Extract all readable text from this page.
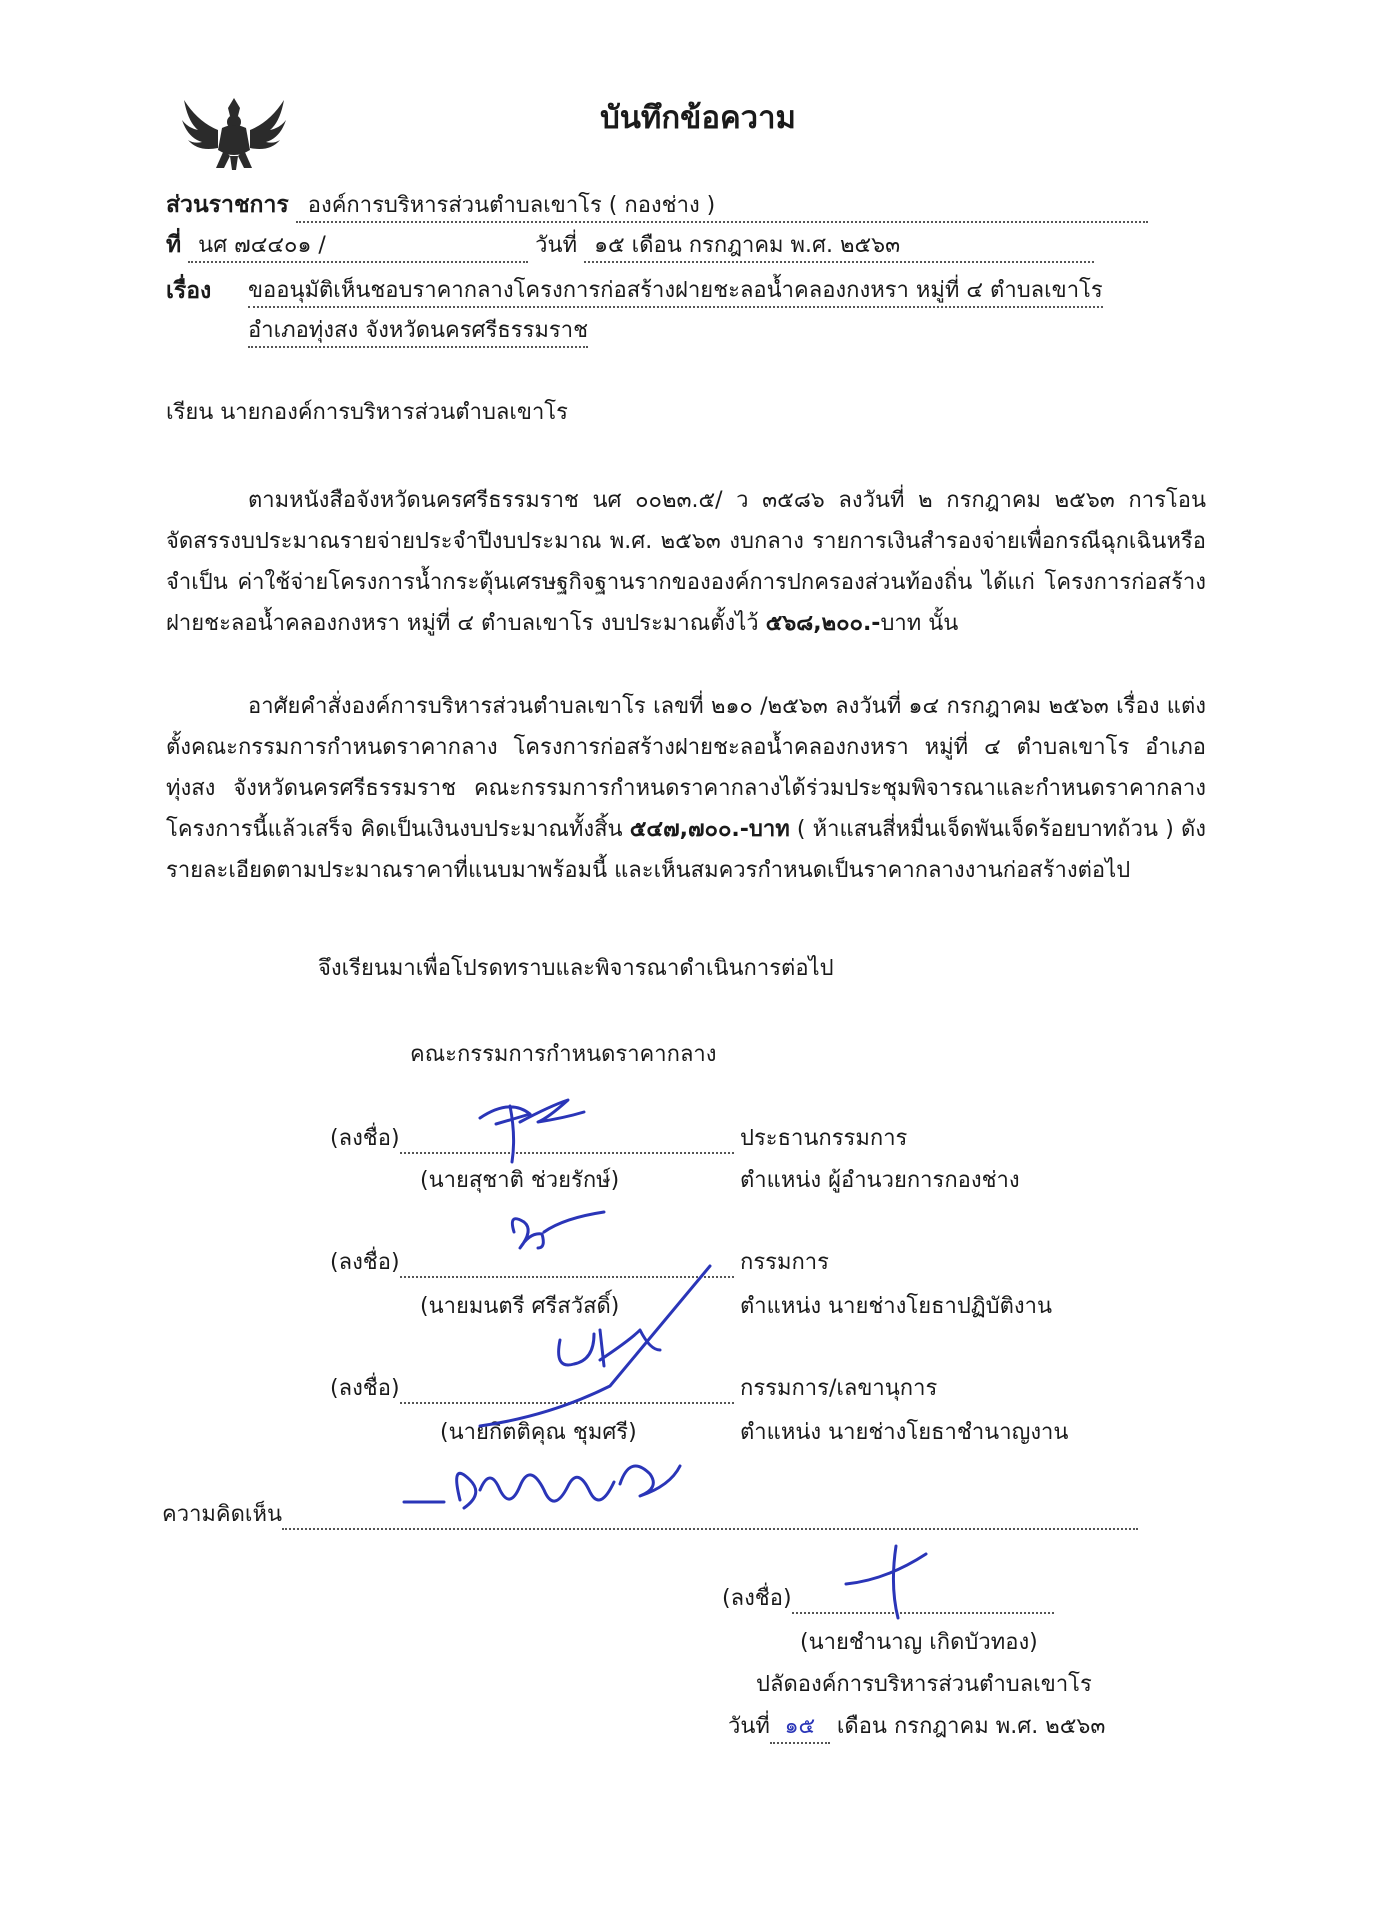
บันทึกข้อความ
ส่วนราชการ องค์การบริหารส่วนตำบลเขาโร ( กองช่าง )
ที่ นศ ๗๔๔๐๑ /	วันที่ ๑๕ เดือน กรกฎาคม พ.ศ. ๒๕๖๓
เรื่อง ขออนุมัติเห็นชอบราคากลางโครงการก่อสร้างฝายชะลอน้ำคลองกงหรา หมู่ที่ ๔ ตำบลเขาโร
อำเภอทุ่งสง จังหวัดนครศรีธรรมราช
เรียน นายกองค์การบริหารส่วนตำบลเขาโร
ตามหนังสือจังหวัดนครศรีธรรมราช นศ ๐๐๒๓.๕/ ว ๓๕๘๖ ลงวันที่ ๒ กรกฎาคม ๒๕๖๓ การโอนจัดสรรงบประมาณรายจ่ายประจำปีงบประมาณ พ.ศ. ๒๕๖๓ งบกลาง รายการเงินสำรองจ่ายเพื่อกรณีฉุกเฉินหรือจำเป็น ค่าใช้จ่ายโครงการน้ำกระตุ้นเศรษฐกิจฐานรากขององค์การปกครองส่วนท้องถิ่น ได้แก่ โครงการก่อสร้างฝายชะลอน้ำคลองกงหรา หมู่ที่ ๔ ตำบลเขาโร งบประมาณตั้งไว้ ๕๖๘,๒๐๐.-บาท นั้น
อาศัยคำสั่งองค์การบริหารส่วนตำบลเขาโร เลขที่ ๒๑๐ /๒๕๖๓ ลงวันที่ ๑๔ กรกฎาคม ๒๕๖๓ เรื่อง แต่งตั้งคณะกรรมการกำหนดราคากลาง โครงการก่อสร้างฝายชะลอน้ำคลองกงหรา หมู่ที่ ๔ ตำบลเขาโร อำเภอทุ่งสง จังหวัดนครศรีธรรมราช คณะกรรมการกำหนดราคากลางได้ร่วมประชุมพิจารณาและกำหนดราคากลางโครงการนี้แล้วเสร็จ คิดเป็นเงินงบประมาณทั้งสิ้น ๕๔๗,๗๐๐.-บาท ( ห้าแสนสี่หมื่นเจ็ดพันเจ็ดร้อยบาทถ้วน ) ดังรายละเอียดตามประมาณราคาที่แนบมาพร้อมนี้ และเห็นสมควรกำหนดเป็นราคากลางงานก่อสร้างต่อไป
จึงเรียนมาเพื่อโปรดทราบและพิจารณาดำเนินการต่อไป
คณะกรรมการกำหนดราคากลาง
(ลงชื่อ)	ประธานกรรมการ
(นายสุชาติ ช่วยรักษ์)	ตำแหน่ง ผู้อำนวยการกองช่าง
(ลงชื่อ)	กรรมการ
(นายมนตรี ศรีสวัสดิ์)	ตำแหน่ง นายช่างโยธาปฏิบัติงาน
(ลงชื่อ)	กรรมการ/เลขานุการ
(นายกิตติคุณ ชุมศรี)	ตำแหน่ง นายช่างโยธาชำนาญงาน
ความคิดเห็น
(ลงชื่อ)
(นายชำนาญ เกิดบัวทอง)
ปลัดองค์การบริหารส่วนตำบลเขาโร
วันที่ ๑๕ เดือน กรกฎาคม พ.ศ. ๒๕๖๓
